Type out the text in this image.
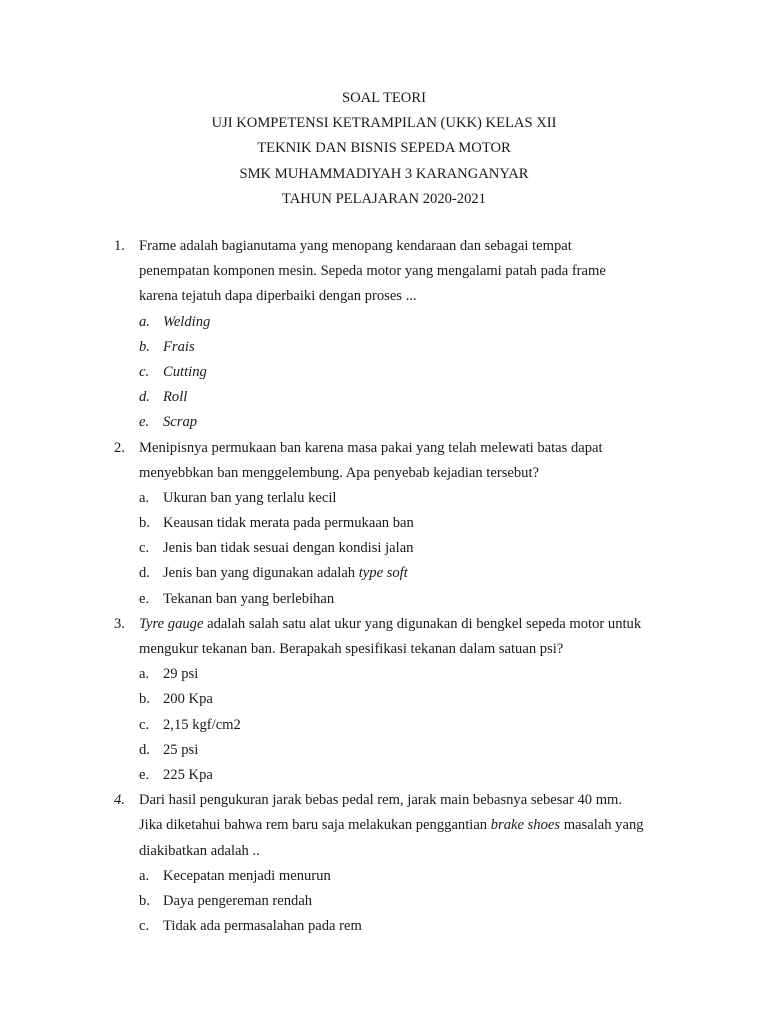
SOAL TEORI
UJI KOMPETENSI KETRAMPILAN (UKK) KELAS XII
TEKNIK DAN BISNIS SEPEDA MOTOR
SMK MUHAMMADIYAH 3 KARANGANYAR
TAHUN PELAJARAN 2020-2021
1. Frame adalah bagianutama yang menopang kendaraan dan sebagai tempat
penempatan komponen mesin. Sepeda motor yang mengalami patah pada frame
karena tejatuh dapa diperbaiki dengan proses ...
a. Welding
b. Frais
c. Cutting
d. Roll
e. Scrap
2. Menipisnya permukaan ban karena masa pakai yang telah melewati batas dapat
menyebbkan ban menggelembung. Apa penyebab kejadian tersebut?
a. Ukuran ban yang terlalu kecil
b. Keausan tidak merata pada permukaan ban
c. Jenis ban tidak sesuai dengan kondisi jalan
d. Jenis ban yang digunakan adalah type soft
e. Tekanan ban yang berlebihan
3. Tyre gauge adalah salah satu alat ukur yang digunakan di bengkel sepeda motor untuk
mengukur tekanan ban. Berapakah spesifikasi tekanan dalam satuan psi?
a. 29 psi
b. 200 Kpa
c. 2,15 kgf/cm2
d. 25 psi
e. 225 Kpa
4. Dari hasil pengukuran jarak bebas pedal rem, jarak main bebasnya sebesar 40 mm.
Jika diketahui bahwa rem baru saja melakukan penggantian brake shoes masalah yang
diakibatkan adalah ..
a. Kecepatan menjadi menurun
b. Daya pengereman rendah
c. Tidak ada permasalahan pada rem
